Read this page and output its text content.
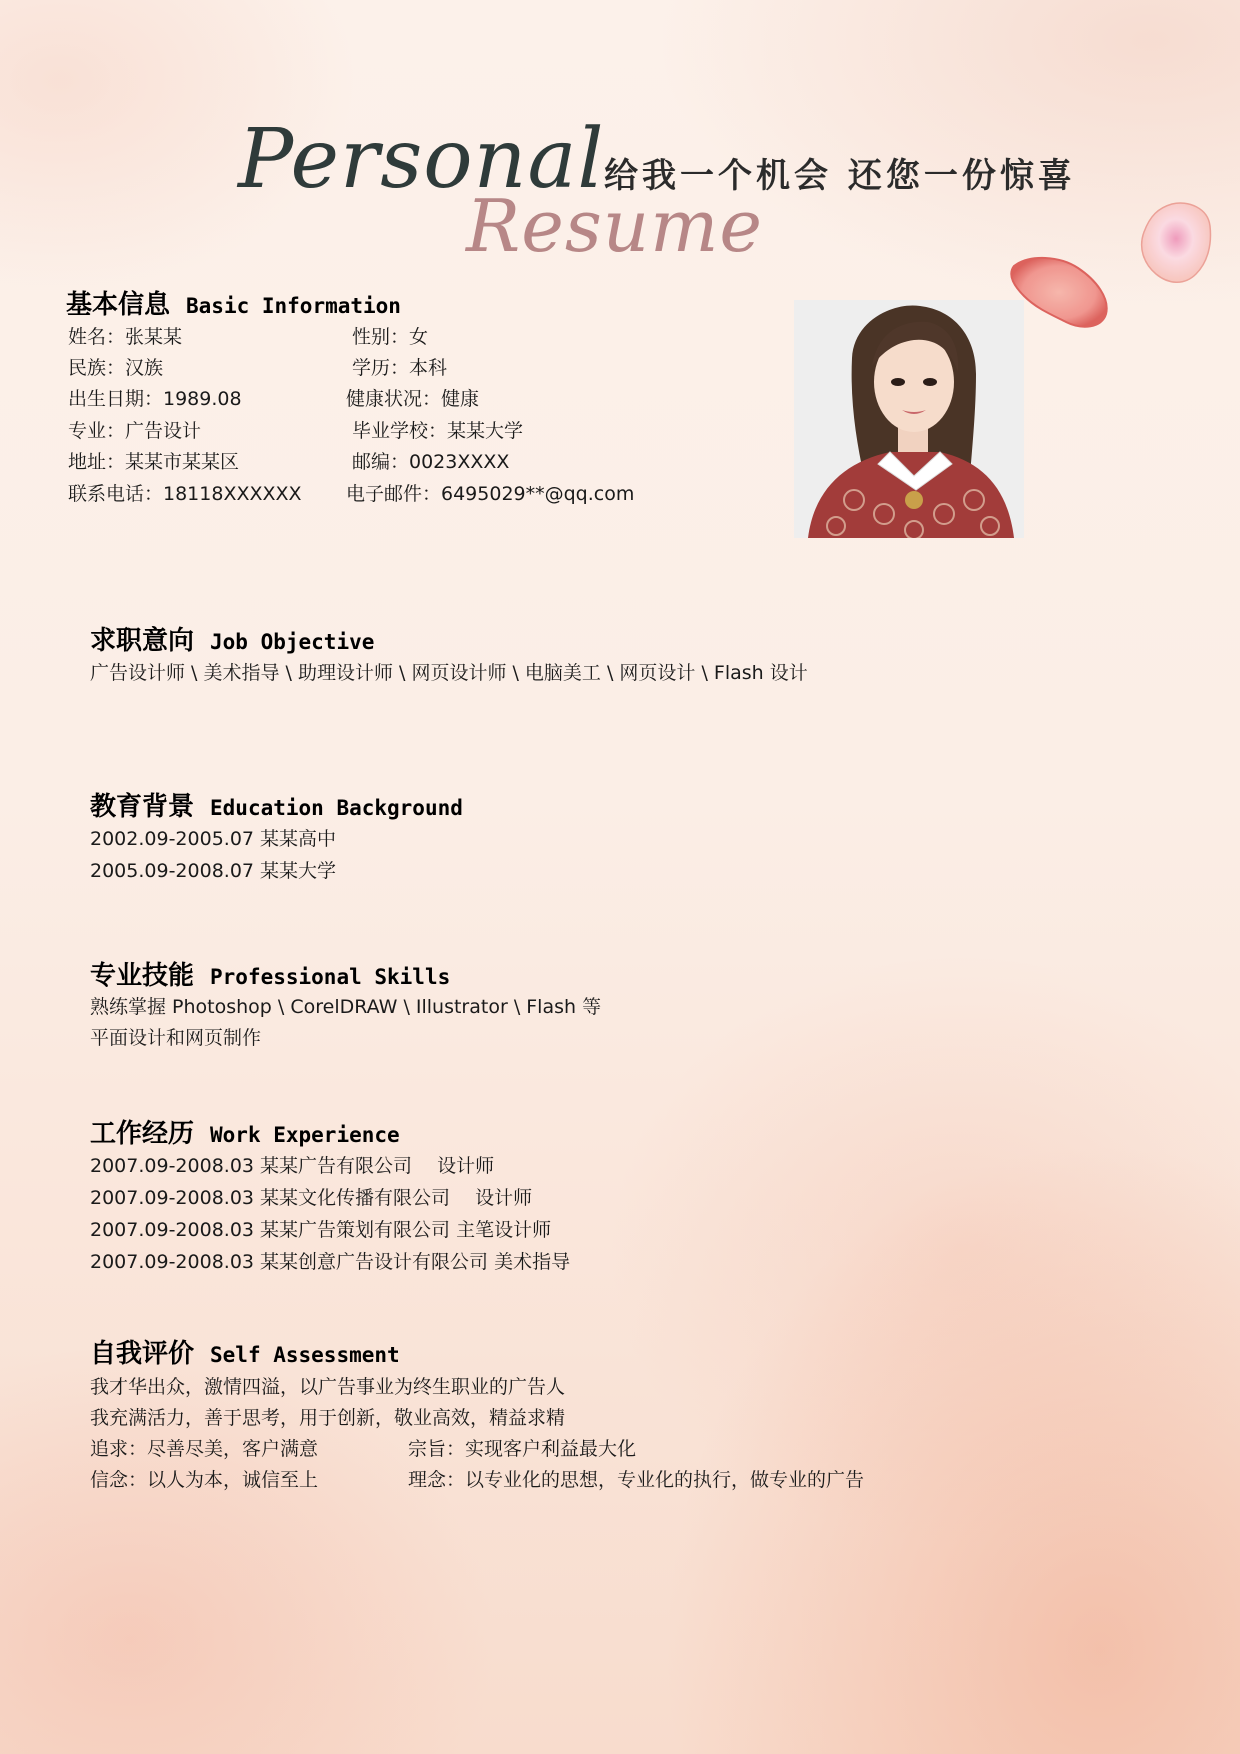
Personal
Resume
给我一个机会 还您一份惊喜
基本信息 Basic Information
姓名：张某某	性别：女
民族：汉族	学历：本科
出生日期：1989.08	健康状况：健康
专业：广告设计	毕业学校：某某大学
地址：某某市某某区	邮编：0023XXXX
联系电话：18118XXXXXX 电子邮件：6495029**@qq.com
求职意向 Job Objective
广告设计师 \ 美术指导 \ 助理设计师 \ 网页设计师 \ 电脑美工 \ 网页设计 \ Flash 设计
教育背景 Education Background
2002.09-2005.07 某某高中
2005.09-2008.07 某某大学
专业技能 Professional Skills
熟练掌握 Photoshop \ CorelDRAW \ Illustrator \ Flash 等
平面设计和网页制作
工作经历 Work Experience
2007.09-2008.03 某某广告有限公司　 设计师
2007.09-2008.03 某某文化传播有限公司　 设计师
2007.09-2008.03 某某广告策划有限公司 主笔设计师
2007.09-2008.03 某某创意广告设计有限公司 美术指导
自我评价 Self Assessment
我才华出众，激情四溢，以广告事业为终生职业的广告人
我充满活力，善于思考，用于创新，敬业高效，精益求精
追求：尽善尽美，客户满意	宗旨：实现客户利益最大化
信念：以人为本，诚信至上	理念：以专业化的思想，专业化的执行，做专业的广告
